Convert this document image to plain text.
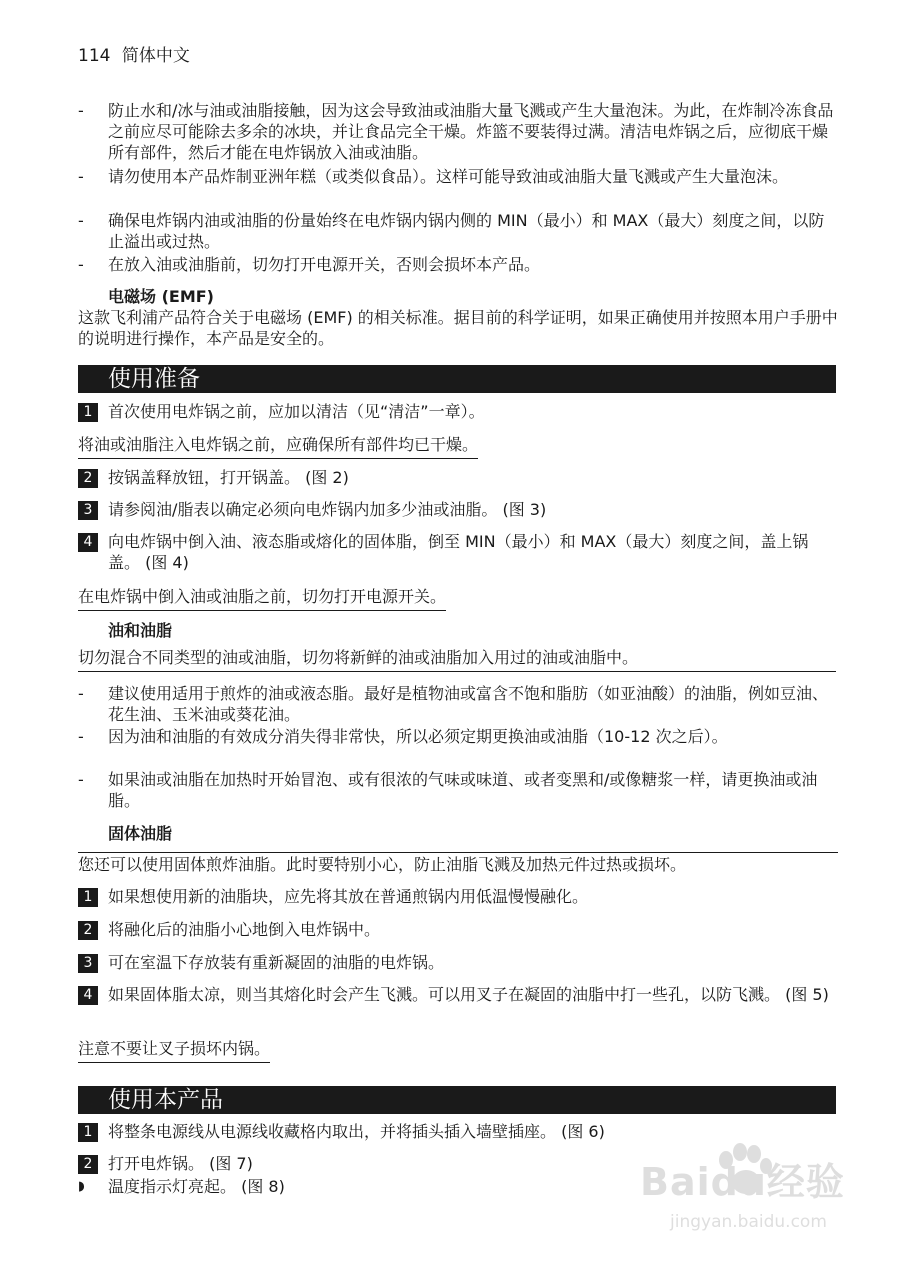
114 简体中文
- 防止水和/冰与油或油脂接触，因为这会导致油或油脂大量飞溅或产生大量泡沫。为此，在炸制冷冻食品之前应尽可能除去多余的冰块，并让食品完全干燥。炸篮不要装得过满。清洁电炸锅之后，应彻底干燥所有部件，然后才能在电炸锅放入油或油脂。
- 请勿使用本产品炸制亚洲年糕（或类似食品）。这样可能导致油或油脂大量飞溅或产生大量泡沫。
- 确保电炸锅内油或油脂的份量始终在电炸锅内锅内侧的 MIN（最小）和 MAX（最大）刻度之间，以防止溢出或过热。
- 在放入油或油脂前，切勿打开电源开关，否则会损坏本产品。
电磁场 (EMF)
这款飞利浦产品符合关于电磁场 (EMF) 的相关标准。据目前的科学证明，如果正确使用并按照本用户手册中的说明进行操作，本产品是安全的。
使用准备
1 首次使用电炸锅之前，应加以清洁（见“清洁”一章）。
将油或油脂注入电炸锅之前，应确保所有部件均已干燥。
2 按锅盖释放钮，打开锅盖。 (图 2)
3 请参阅油/脂表以确定必须向电炸锅内加多少油或油脂。 (图 3)
4 向电炸锅中倒入油、液态脂或熔化的固体脂，倒至 MIN（最小）和 MAX（最大）刻度之间，盖上锅盖。 (图 4)
在电炸锅中倒入油或油脂之前，切勿打开电源开关。
油和油脂
切勿混合不同类型的油或油脂，切勿将新鲜的油或油脂加入用过的油或油脂中。
- 建议使用适用于煎炸的油或液态脂。最好是植物油或富含不饱和脂肪（如亚油酸）的油脂，例如豆油、花生油、玉米油或葵花油。
- 因为油和油脂的有效成分消失得非常快，所以必须定期更换油或油脂（10-12 次之后）。
- 如果油或油脂在加热时开始冒泡、或有很浓的气味或味道、或者变黑和/或像糖浆一样，请更换油或油脂。
固体油脂
您还可以使用固体煎炸油脂。此时要特别小心，防止油脂飞溅及加热元件过热或损坏。
1 如果想使用新的油脂块，应先将其放在普通煎锅内用低温慢慢融化。
2 将融化后的油脂小心地倒入电炸锅中。
3 可在室温下存放装有重新凝固的油脂的电炸锅。
4 如果固体脂太凉，则当其熔化时会产生飞溅。可以用叉子在凝固的油脂中打一些孔，以防飞溅。 (图 5)
注意不要让叉子损坏内锅。
使用本产品
1 将整条电源线从电源线收藏格内取出，并将插头插入墙壁插座。 (图 6)
2 打开电炸锅。 (图 7)
◗ 温度指示灯亮起。 (图 8)	Baidu经验
jingyan.baidu.com
